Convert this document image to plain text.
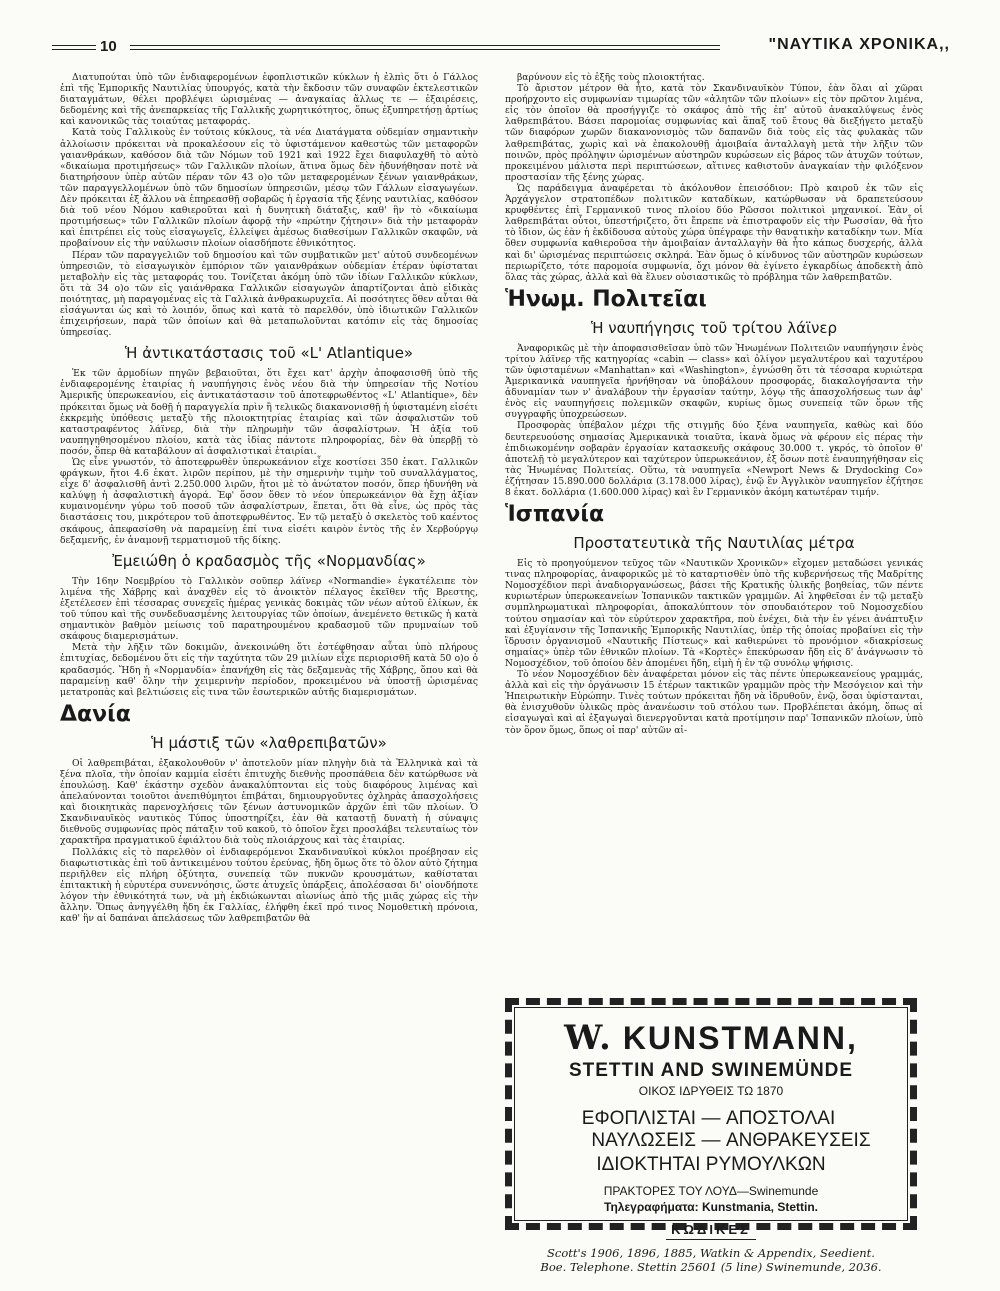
10	"ΝΑΥΤΙΚΑ ΧΡΟΝΙΚΑ,,

Διατυπούται ὑπὸ τῶν ἐνδιαφερομένων ἐφοπλιστικῶν κύκλων ἡ ἐλπὶς ὅτι ὁ Γάλλος ἐπὶ τῆς Ἐμπορικῆς Ναυτιλίας ὑπουργός, κατὰ τὴν ἔκδοσιν τῶν συναφῶν ἐκτελεστικῶν διαταγμάτων, θέλει προβλέψει ὡρισμένας — ἀναγκαίας ἄλλως τε — ἐξαιρέσεις, δεδομένης καὶ τῆς ἀνεπαρκείας τῆς Γαλλικῆς χωρητικότητος, ὅπως ἐξυπηρετήσῃ ἀρτίως καὶ κανονικῶς τὰς τοιαύτας μεταφοράς.

Κατὰ τοὺς Γαλλικοὺς ἐν τούτοις κύκλους, τὰ νέα Διατάγματα οὐδεμίαν σημαντικὴν ἀλλοίωσιν πρόκειται νὰ προκαλέσουν εἰς τὸ ὑφιστάμενον καθεστὼς τῶν μεταφορῶν γαιανθράκων, καθόσον διὰ τῶν Νόμων τοῦ 1921 καὶ 1922 ἔχει διαφυλαχθῆ τὸ αὐτὸ «δικαίωμα προτιμήσεως» τῶν Γαλλικῶν πλοίων, ἅτινα ὅμως δὲν ἠδυνήθησαν ποτὲ νὰ διατηρήσουν ὑπὲρ αὐτῶν πέραν τῶν 43 ο)ο τῶν μεταφερομένων ξένων γαιανθράκων, τῶν παραγγελλομένων ὑπὸ τῶν δημοσίων ὑπηρεσιῶν, μέσῳ τῶν Γάλλων εἰσαγωγέων. Δὲν πρόκειται ἐξ ἄλλου νὰ ἐπηρεασθῇ σοβαρῶς ἡ ἐργασία τῆς ξένης ναυτιλίας, καθόσον διὰ τοῦ νέου Νόμου καθιεροῦται καὶ ἡ δυνητικὴ διάταξις, καθ' ἣν τὸ «δικαίωμα προτιμήσεως» τῶν Γαλλικῶν πλοίων ἀφορᾷ τὴν «πρώτην ζήτησιν» διὰ τὴν μεταφορὰν καὶ ἐπιτρέπει εἰς τοὺς εἰσαγωγεῖς, ἐλλείψει ἀμέσως διαθεσίμων Γαλλικῶν σκαφῶν, νὰ προβαίνουν εἰς τὴν ναύλωσιν πλοίων οἱασδήποτε ἐθνικότητος.

Πέραν τῶν παραγγελιῶν τοῦ δημοσίου καὶ τῶν συμβατικῶν μετ' αὐτοῦ συνδεομένων ὑπηρεσιῶν, τὸ εἰσαγωγικὸν ἐμπόριον τῶν γαιανθράκων οὐδεμίαν ἑτέραν ὑφίσταται μεταβολὴν εἰς τὰς μεταφοράς του. Τονίζεται ἀκόμη ὑπὸ τῶν ἰδίων Γαλλικῶν κύκλων, ὅτι τὰ 34 ο)ο τῶν εἰς γαιάνθρακα Γαλλικῶν εἰσαγωγῶν ἀπαρτίζονται ἀπὸ εἰδικὰς ποιότητας, μὴ παραγομένας εἰς τὰ Γαλλικὰ ἀνθρακωρυχεῖα. Αἱ ποσότητες ὅθεν αὗται θὰ εἰσάγωνται ὡς καὶ τὸ λοιπόν, ὅπως καὶ κατὰ τὸ παρελθόν, ὑπὸ ἰδιωτικῶν Γαλλικῶν ἐπιχειρήσεων, παρὰ τῶν ὁποίων καὶ θὰ μεταπωλοῦνται κατόπιν εἰς τὰς δημοσίας ὑπηρεσίας.

Ἡ ἀντικατάστασις τοῦ «L' Atlantique»

Ἐκ τῶν ἁρμοδίων πηγῶν βεβαιοῦται, ὅτι ἔχει κατ' ἀρχὴν ἀποφασισθῆ ὑπὸ τῆς ἐνδιαφερομένης ἑταιρίας ἡ ναυπήγησις ἑνὸς νέου διὰ τὴν ὑπηρεσίαν τῆς Νοτίου Ἀμερικῆς ὑπερωκεανίου, εἰς ἀντικατάστασιν τοῦ ἀποτεφρωθέντος «L' Atlantique», δὲν πρόκειται ὅμως νὰ δοθῇ ἡ παραγγελία πρὶν ἢ τελικῶς διακανονισθῇ ἡ ὑφισταμένη εἰσέτι ἐκκρεμὴς ὑπόθεσις μεταξὺ τῆς πλοιοκτητρίας ἑταιρίας καὶ τῶν ἀσφαλιστῶν τοῦ καταστραφέντος λάϊνερ, διὰ τὴν πληρωμὴν τῶν ἀσφαλίστρων. Ἡ ἀξία τοῦ ναυπηγηθησομένου πλοίου, κατὰ τὰς ἰδίας πάντοτε πληροφορίας, δὲν θὰ ὑπερβῇ τὸ ποσόν, ὅπερ θὰ καταβάλουν αἱ ἀσφαλιστικαὶ ἑταιρίαι.

Ὡς εἶνε γνωστόν, τὸ ἀποτεφρωθὲν ὑπερωκεάνιον εἶχε κοστίσει 350 ἑκατ. Γαλλικῶν φράγκων, ἤτοι 4.6 ἑκατ. λιρῶν περίπου, μὲ τὴν σημερινὴν τιμὴν τοῦ συναλλάγματος, εἶχε δ' ἀσφαλισθῆ ἀντὶ 2.250.000 λιρῶν, ἤτοι μὲ τὸ ἀνώτατον ποσόν, ὅπερ ἠδυνήθη νὰ καλύψῃ ἡ ἀσφαλιστικὴ ἀγορά. Ἐφ' ὅσον ὅθεν τὸ νέον ὑπερωκεάνιον θὰ ἔχῃ ἀξίαν κυμαινομένην γύρω τοῦ ποσοῦ τῶν ἀσφαλίστρων, ἕπεται, ὅτι θὰ εἶνε, ὡς πρὸς τὰς διαστάσεις του, μικρότερον τοῦ ἀποτεφρωθέντος. Ἐν τῷ μεταξὺ ὁ σκελετὸς τοῦ καέντος σκάφους, ἀπεφασίσθη νὰ παραμείνῃ ἐπί τινα εἰσέτι καιρὸν ἐντὸς τῆς ἐν Χερβούργῳ δεξαμενῆς, ἐν ἀναμονῇ τερματισμοῦ τῆς δίκης.

Ἐμειώθη ὁ κραδασμὸς τῆς «Νορμανδίας»

Τὴν 16ην Νοεμβρίου τὸ Γαλλικὸν σοῦπερ λάϊνερ «Normandie» ἐγκατέλειπε τὸν λιμένα τῆς Χάβρης καὶ ἀναχθὲν εἰς τὸ ἀνοικτὸν πέλαγος ἐκεῖθεν τῆς Βρεστης, ἐξετέλεσεν ἐπὶ τέσσαρας συνεχεῖς ἡμέρας γενικὰς δοκιμὰς τῶν νέων αὐτοῦ ἑλίκων, ἐκ τοῦ τύπου καὶ τῆς συνδεδυασμένης λειτουργίας τῶν ὁποίων, ἀνεμένετο θετικῶς ἡ κατὰ σημαντικὸν βαθμὸν μείωσις τοῦ παρατηρουμένου κραδασμοῦ τῶν πρυμναίων τοῦ σκάφους διαμερισμάτων.

Μετὰ τὴν λῆξιν τῶν δοκιμῶν, ἀνεκοινώθη ὅτι ἐστέφθησαν αὗται ὑπὸ πλήρους ἐπιτυχίας, δεδομένου ὅτι εἰς τὴν ταχύτητα τῶν 29 μιλίων εἶχε περιορισθῆ κατὰ 50 ο)ο ὁ κραδασμός. Ἤδη ἡ «Νορμανδία» ἐπανήχθη εἰς τὰς δεξαμενὰς τῆς Χάβρης, ὅπου καὶ θὰ παραμείνῃ καθ' ὅλην τὴν χειμερινὴν περίοδον, προκειμένου νὰ ὑποστῇ ὡρισμένας μετατροπὰς καὶ βελτιώσεις εἰς τινα τῶν ἐσωτερικῶν αὐτῆς διαμερισμάτων.

Δανία
Ἡ μάστιξ τῶν «λαθρεπιβατῶν»

Οἱ λαθρεπιβάται, ἐξακολουθοῦν ν' ἀποτελοῦν μίαν πληγὴν διὰ τὰ Ἑλληνικὰ καὶ τὰ ξένα πλοῖα, τὴν ὁποίαν καμμία εἰσέτι ἐπιτυχὴς διεθνὴς προσπάθεια δὲν κατώρθωσε νὰ ἐπουλώσῃ. Καθ' ἑκάστην σχεδὸν ἀνακαλύπτονται εἰς τοὺς διαφόρους λιμένας καὶ ἀπελαύνονται τοιοῦτοι ἀνεπιθύμητοι ἐπιβάται, δημιουργοῦντες ὀχληρὰς ἀπασχολήσεις καὶ διοικητικὰς παρενοχλήσεις τῶν ξένων ἀστυνομικῶν ἀρχῶν ἐπὶ τῶν πλοίων. Ὁ Σκανδιναυϊκὸς ναυτικὸς Τύπος ὑποστηρίζει, ἐὰν θὰ καταστῇ δυνατὴ ἡ σύναψις διεθνοῦς συμφωνίας πρὸς πάταξιν τοῦ κακοῦ, τὸ ὁποῖον ἔχει προσλάβει τελευταίως τὸν χαρακτῆρα πραγματικοῦ ἐφιάλτου διὰ τοὺς πλοιάρχους καὶ τὰς ἑταιρίας.

Πολλάκις εἰς τὸ παρελθὸν οἱ ἐνδιαφερόμενοι Σκανδιναυϊκοὶ κύκλοι προέβησαν εἰς διαφωτιστικὰς ἐπὶ τοῦ ἀντικειμένου τούτου ἐρεύνας, ἤδη ὅμως ὅτε τὸ ὅλον αὐτὸ ζήτημα περιῆλθεν εἰς πλήρη ὀξύτητα, συνεπείᾳ τῶν πυκνῶν κρουσμάτων, καθίσταται ἐπιτακτικὴ ἡ εὐρυτέρα συνεννόησις, ὥστε ἀτυχεῖς ὑπάρξεις, ἀπολέσασαι δι' οἱονδήποτε λόγον τὴν ἐθνικότητά των, νὰ μὴ ἐκδιώκωνται αἰωνίως ἀπὸ τῆς μιᾶς χώρας εἰς τὴν ἄλλην. Ὅπως ἀνηγγέλθη ἤδη ἐκ Γαλλίας, ἐλήφθη ἐκεῖ πρό τινος Νομοθετικὴ πρόνοια, καθ' ἣν αἱ δαπάναι ἀπελάσεως τῶν λαθρεπιβατῶν θὰ

βαρύνουν εἰς τὸ ἑξῆς τοὺς πλοιοκτήτας.

Τὸ ἄριστον μέτρον θὰ ἦτο, κατὰ τὸν Σκανδιναυϊκὸν Τύπον, ἐὰν ὅλαι αἱ χῶραι προήρχοντο εἰς συμφωνίαν τιμωρίας τῶν «ἀλητῶν τῶν πλοίων» εἰς τὸν πρῶτον λιμένα, εἰς τὸν ὁποῖον θὰ προσήγγιζε τὸ σκάφος ἀπὸ τῆς ἐπ' αὐτοῦ ἀνακαλύψεως ἑνὸς λαθρεπιβάτου. Βάσει παρομοίας συμφωνίας καὶ ἅπαξ τοῦ ἔτους θὰ διεξήγετο μεταξὺ τῶν διαφόρων χωρῶν διακανονισμὸς τῶν δαπανῶν διὰ τοὺς εἰς τὰς φυλακὰς τῶν λαθρεπιβάτας, χωρὶς καὶ νὰ ἐπακολουθῇ ἀμοιβαία ἀνταλλαγὴ μετὰ τὴν λῆξιν τῶν ποινῶν, πρὸς πρόληψιν ὡρισμένων αὐστηρῶν κυρώσεων εἰς βάρος τῶν ἀτυχῶν τούτων, προκειμένου μάλιστα περὶ περιπτώσεων, αἵτινες καθιστοῦν ἀναγκαίαν τὴν φιλόξενον προστασίαν τῆς ξένης χώρας.

Ὡς παράδειγμα ἀναφέρεται τὸ ἀκόλουθον ἐπεισόδιον: Πρὸ καιροῦ ἐκ τῶν εἰς Ἀρχάγγελον στρατοπέδων πολιτικῶν καταδίκων, κατώρθωσαν νὰ δραπετεύσουν κρυφθέντες ἐπὶ Γερμανικοῦ τινος πλοίου δύο Ρῶσσοι πολιτικοὶ μηχανικοί. Ἐὰν οἱ λαθρεπιβάται οὗτοι, ὑπεστήριζετο, ὅτι ἔπρεπε νὰ ἐπιστραφοῦν εἰς τὴν Ρωσσίαν, θὰ ἦτο τὸ ἴδιον, ὡς ἐὰν ἡ ἐκδίδουσα αὐτοὺς χώρα ὑπέγραφε τὴν θανατικὴν καταδίκην των. Μία ὅθεν συμφωνία καθιεροῦσα τὴν ἀμοιβαίαν ἀνταλλαγὴν θὰ ἦτο κάπως δυσχερής, ἀλλὰ καὶ δι' ὡρισμένας περιπτώσεις σκληρά. Ἐὰν ὅμως ὁ κίνδυνος τῶν αὐστηρῶν κυρώσεων περιωρίζετο, τότε παρομοία συμφωνία, ὄχι μόνον θὰ ἐγίνετο ἐγκαρδίως ἀποδεκτὴ ἀπὸ ὅλας τὰς χώρας, ἀλλὰ καὶ θὰ ἔλυεν οὐσιαστικῶς τὸ πρόβλημα τῶν λαθρεπιβατῶν.

Ἡνωμ. Πολιτεῖαι
Ἡ ναυπήγησις τοῦ τρίτου λάϊνερ

Ἀναφορικῶς μὲ τὴν ἀποφασισθεῖσαν ὑπὸ τῶν Ἡνωμένων Πολιτειῶν ναυπήγησιν ἑνὸς τρίτου λάϊνερ τῆς κατηγορίας «cabin — class» καὶ ὀλίγον μεγαλυτέρου καὶ ταχυτέρου τῶν ὑφισταμένων «Manhattan» καὶ «Washington», ἐγνώσθη ὅτι τὰ τέσσαρα κυριώτερα Ἀμερικανικὰ ναυπηγεῖα ἠρνήθησαν νὰ ὑποβάλουν προσφοράς, διακαλογήσαντα τὴν ἀδυναμίαν των ν' ἀναλάβουν τὴν ἐργασίαν ταύτην, λόγῳ τῆς ἀπασχολήσεως των ἀφ' ἑνὸς εἰς ναυπηγήσεις πολεμικῶν σκαφῶν, κυρίως ὅμως συνεπείᾳ τῶν ὅρων τῆς συγγραφῆς ὑποχρεώσεων.

Προσφορὰς ὑπέβαλον μέχρι τῆς στιγμῆς δύο ξένα ναυπηγεῖα, καθὼς καὶ δύο δευτερευούσης σημασίας Ἀμερικανικὰ τοιαῦτα, ἱκανὰ ὅμως νὰ φέρουν εἰς πέρας τὴν ἐπιδιωκομένην σοβαρὰν ἐργασίαν κατασκευῆς σκάφους 30.000 τ. γκρός, τὸ ὁποῖον θ' ἀποτελῇ τὸ μεγαλύτερον καὶ ταχύτερον ὑπερωκεάνιον, ἐξ ὅσων ποτὲ ἐναυπηγήθησαν εἰς τὰς Ἡνωμένας Πολιτείας. Οὕτω, τὰ ναυπηγεῖα «Newport News & Drydocking Co» ἐζήτησαν 15.890.000 δολλάρια (3.178.000 λίρας), ἐνῷ ἓν Ἀγγλικὸν ναυπηγεῖον ἐζήτησε 8 ἑκατ. δολλάρια (1.600.000 λίρας) καὶ ἓν Γερμανικὸν ἀκόμη κατωτέραν τιμήν.

Ἱσπανία
Προστατευτικὰ τῆς Ναυτιλίας μέτρα

Εἰς τὸ προηγούμενον τεῦχος τῶν «Ναυτικῶν Χρονικῶν» εἴχομεν μεταδώσει γενικάς τινας πληροφορίας, ἀναφορικῶς μὲ τὸ καταρτισθὲν ὑπὸ τῆς κυβερνήσεως τῆς Μαδρίτης Νομοσχέδιον περὶ ἀναδιοργανώσεως, βάσει τῆς Κρατικῆς ὑλικῆς βοηθείας, τῶν πέντε κυριωτέρων ὑπερωκεανείων Ἱσπανικῶν τακτικῶν γραμμῶν. Αἱ ληφθεῖσαι ἐν τῷ μεταξὺ συμπληρωματικαὶ πληροφορίαι, ἀποκαλύπτουν τὸν σπουδαιότερον τοῦ Νομοσχεδίου τούτου σημασίαν καὶ τὸν εὐρύτερον χαρακτῆρα, ποὺ ἐνέχει, διὰ τὴν ἐν γένει ἀνάπτυξιν καὶ ἐξυγίανσιν τῆς Ἱσπανικῆς Ἐμπορικῆς Ναυτιλίας, ὑπὲρ τῆς ὁποίας προβαίνει εἰς τὴν ἵδρυσιν ὀργανισμοῦ «Ναυτικῆς Πίστεως» καὶ καθιερώνει τὸ προνόμιον «διακρίσεως σημαίας» ὑπὲρ τῶν ἐθνικῶν πλοίων. Τὰ «Κορτὲς» ἐπεκύρωσαν ἤδη εἰς δ' ἀνάγνωσιν τὸ Νομοσχέδιον, τοῦ ὁποίου δὲν ἀπομένει ἤδη, εἰμὴ ἡ ἐν τῷ συνόλῳ ψήφισις.

Τὸ νέον Νομοσχέδιον δὲν ἀναφέρεται μόνον εἰς τὰς πέντε ὑπερωκεανείους γραμμάς, ἀλλὰ καὶ εἰς τὴν ὀργάνωσιν 15 ἑτέρων τακτικῶν γραμμῶν πρὸς τὴν Μεσόγειον καὶ τὴν Ἠπειρωτικὴν Εὐρώπην. Τινὲς τούτων πρόκειται ἤδη νὰ ἱδρυθοῦν, ἐνῷ, ὅσαι ὑφίστανται, θὰ ἐνισχυθοῦν ὑλικῶς πρὸς ἀνανέωσιν τοῦ στόλου των. Προβλέπεται ἀκόμη, ὅπως αἱ εἰσαγωγαὶ καὶ αἱ ἐξαγωγαὶ διενεργοῦνται κατὰ προτίμησιν παρ' Ἱσπανικῶν πλοίων, ὑπὸ τὸν ὅρον ὅμως, ὅπως οἱ παρ' αὐτῶν αἰ-

W. KUNSTMANN,
STETTIN AND SWINEMÜNDE
ΟΙΚΟΣ ΙΔΡΥΘΕΙΣ ΤΩ 1870
ΕΦΟΠΛΙΣΤΑΙ — ΑΠΟΣΤΟΛΑΙ
ΝΑΥΛΩΣΕΙΣ — ΑΝΘΡΑΚΕΥΣΕΙΣ
ΙΔΙΟΚΤΗΤΑΙ ΡΥΜΟΥΛΚΩΝ
ΠΡΑΚΤΟΡΕΣ ΤΟΥ ΛΟΥΔ—Swinemunde
Τηλεγραφήματα: Kunstmania, Stettin.
ΚΩΔΙΚΕΣ
Scott's 1906, 1896, 1885, Watkin & Appendix, Seedient.
Boe. Telephone. Stettin 25601 (5 line) Swinemunde, 2036.
